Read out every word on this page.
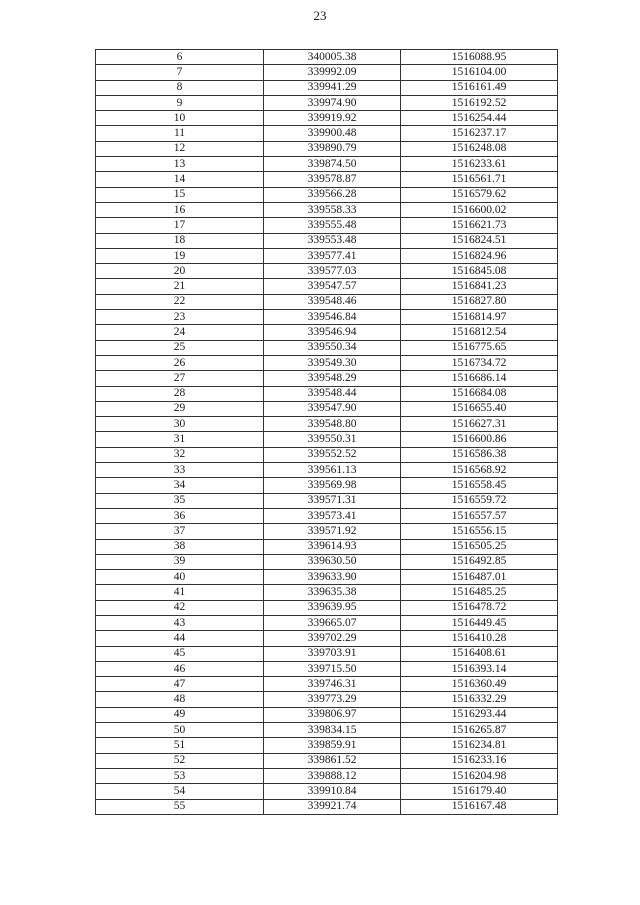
23
6	340005.38	1516088.95
7	339992.09	1516104.00
8	339941.29	1516161.49
9	339974.90	1516192.52
10	339919.92	1516254.44
11	339900.48	1516237.17
12	339890.79	1516248.08
13	339874.50	1516233.61
14	339578.87	1516561.71
15	339566.28	1516579.62
16	339558.33	1516600.02
17	339555.48	1516621.73
18	339553.48	1516824.51
19	339577.41	1516824.96
20	339577.03	1516845.08
21	339547.57	1516841.23
22	339548.46	1516827.80
23	339546.84	1516814.97
24	339546.94	1516812.54
25	339550.34	1516775.65
26	339549.30	1516734.72
27	339548.29	1516686.14
28	339548.44	1516684.08
29	339547.90	1516655.40
30	339548.80	1516627.31
31	339550.31	1516600.86
32	339552.52	1516586.38
33	339561.13	1516568.92
34	339569.98	1516558.45
35	339571.31	1516559.72
36	339573.41	1516557.57
37	339571.92	1516556.15
38	339614.93	1516505.25
39	339630.50	1516492.85
40	339633.90	1516487.01
41	339635.38	1516485.25
42	339639.95	1516478.72
43	339665.07	1516449.45
44	339702.29	1516410.28
45	339703.91	1516408.61
46	339715.50	1516393.14
47	339746.31	1516360.49
48	339773.29	1516332.29
49	339806.97	1516293.44
50	339834.15	1516265.87
51	339859.91	1516234.81
52	339861.52	1516233.16
53	339888.12	1516204.98
54	339910.84	1516179.40
55	339921.74	1516167.48
